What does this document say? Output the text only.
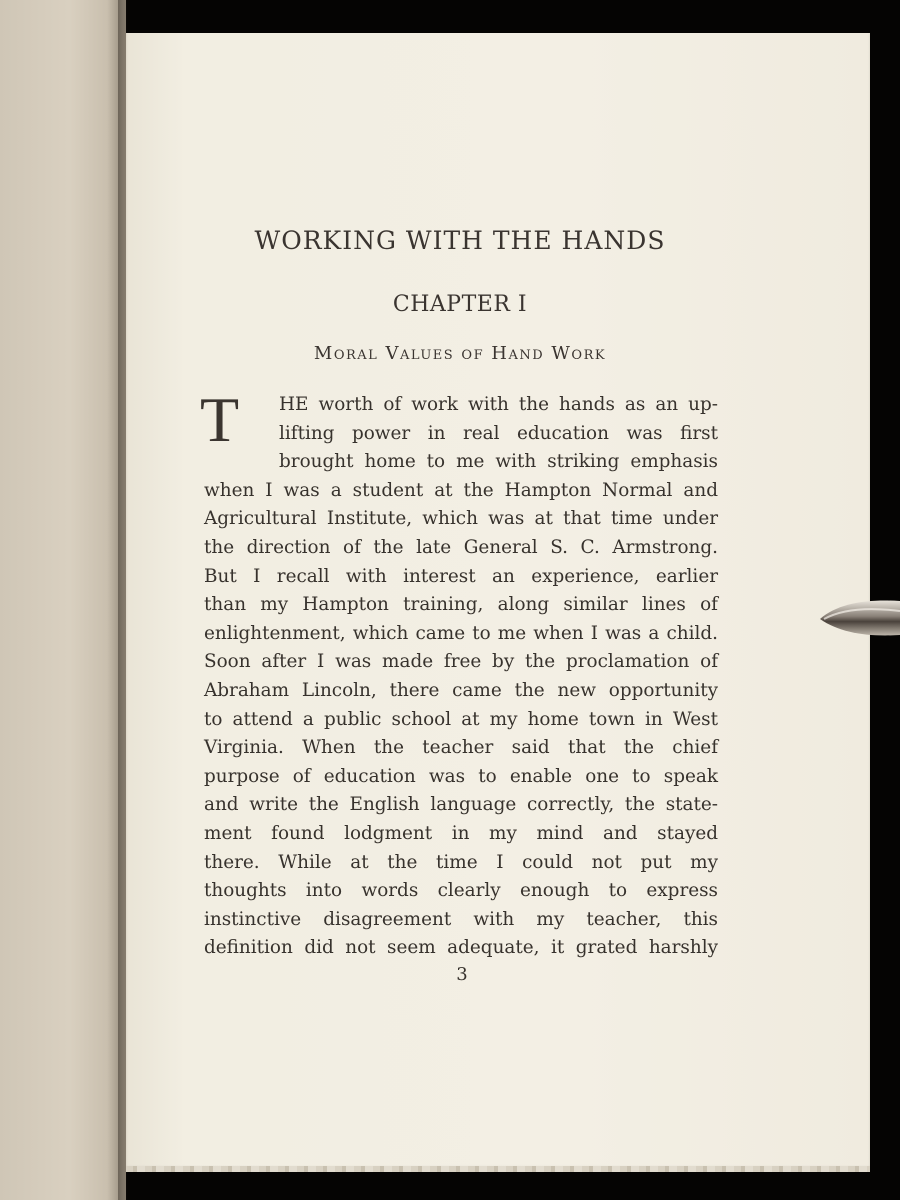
WORKING WITH THE HANDS
CHAPTER I
Moral Values of Hand Work
T HE worth of work with the hands as an up-
lifting power in real education was first
brought home to me with striking emphasis
when I was a student at the Hampton Normal and
Agricultural Institute, which was at that time under
the direction of the late General S. C. Armstrong.
But I recall with interest an experience, earlier
than my Hampton training, along similar lines of
enlightenment, which came to me when I was a child.
Soon after I was made free by the proclamation of
Abraham Lincoln, there came the new opportunity
to attend a public school at my home town in West
Virginia. When the teacher said that the chief
purpose of education was to enable one to speak
and write the English language correctly, the state-
ment found lodgment in my mind and stayed
there. While at the time I could not put my
thoughts into words clearly enough to express
instinctive disagreement with my teacher, this
definition did not seem adequate, it grated harshly
3
